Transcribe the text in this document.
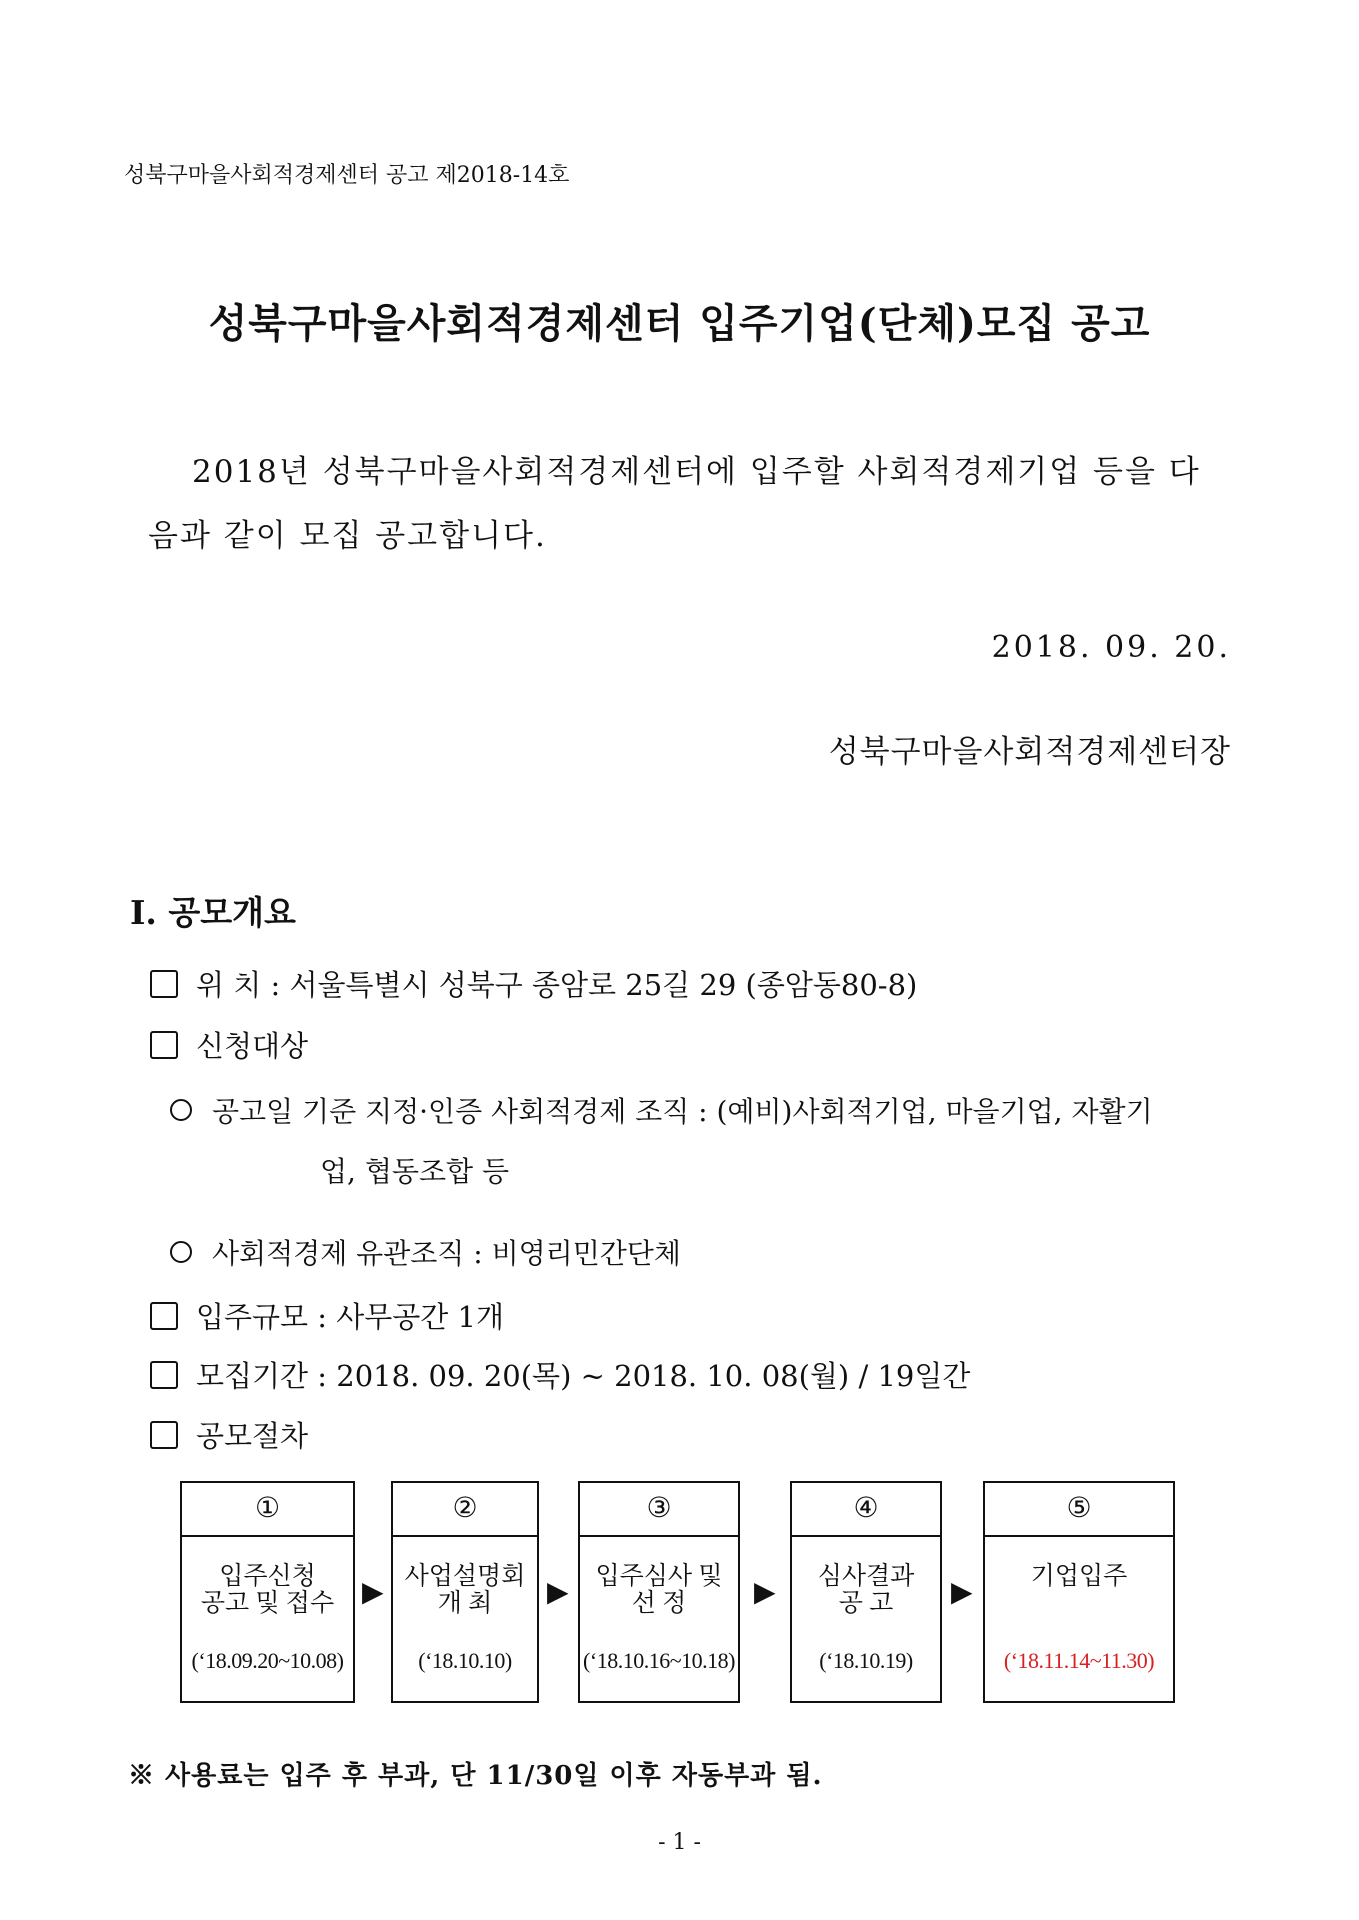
성북구마을사회적경제센터 공고 제2018-14호
성북구마을사회적경제센터 입주기업(단체)모집 공고
2018년 성북구마을사회적경제센터에 입주할 사회적경제기업 등을 다음과 같이 모집 공고합니다.
2018. 09. 20.
성북구마을사회적경제센터장
Ⅰ. 공모개요
위 치 : 서울특별시 성북구 종암로 25길 29 (종암동80-8)
신청대상
공고일 기준 지정·인증 사회적경제 조직 : (예비)사회적기업, 마을기업, 자활기
업, 협동조합 등
사회적경제 유관조직 : 비영리민간단체
입주규모 : 사무공간 1개
모집기간 : 2018. 09. 20(목) ~ 2018. 10. 08(월) / 19일간
공모절차
①
입주신청
공고 및 접수
(‘18.09.20~10.08)
▶
②
사업설명회
개 최
(‘18.10.10)
▶
③
입주심사 및
선 정
(‘18.10.16~10.18)
▶
④
심사결과
공 고
(‘18.10.19)
▶
⑤
기업입주
(‘18.11.14~11.30)
※ 사용료는 입주 후 부과, 단 11/30일 이후 자동부과 됨.
- 1 -
